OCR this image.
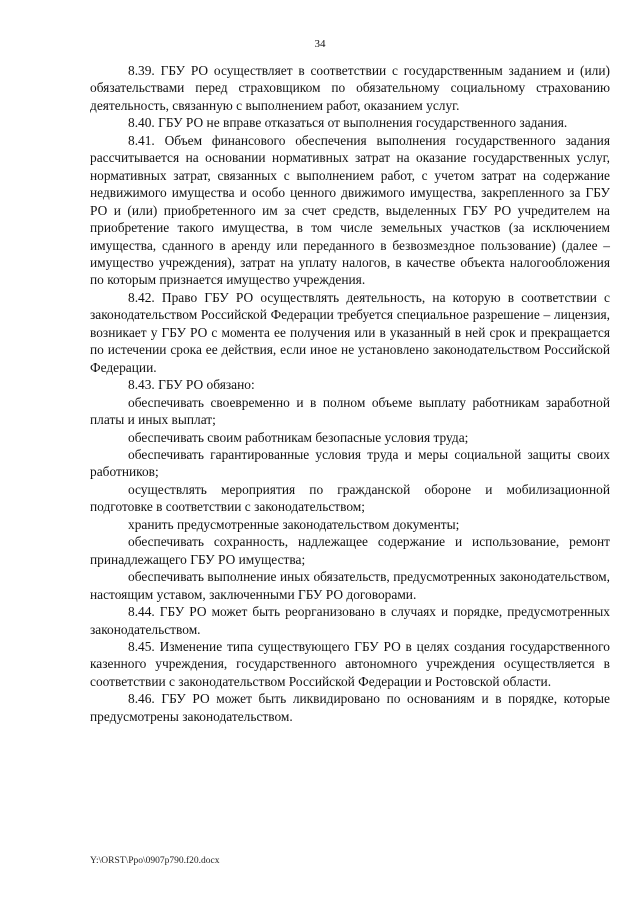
34

8.39. ГБУ РО осуществляет в соответствии с государственным заданием и (или) обязательствами перед страховщиком по обязательному социальному страхованию деятельность, связанную с выполнением работ, оказанием услуг.

8.40. ГБУ РО не вправе отказаться от выполнения государственного задания.

8.41. Объем финансового обеспечения выполнения государственного задания рассчитывается на основании нормативных затрат на оказание государственных услуг, нормативных затрат, связанных с выполнением работ, с учетом затрат на содержание недвижимого имущества и особо ценного движимого имущества, закрепленного за ГБУ РО и (или) приобретенного им за счет средств, выделенных ГБУ РО учредителем на приобретение такого имущества, в том числе земельных участков (за исключением имущества, сданного в аренду или переданного в безвозмездное пользование) (далее – имущество учреждения), затрат на уплату налогов, в качестве объекта налогообложения по которым признается имущество учреждения.

8.42. Право ГБУ РО осуществлять деятельность, на которую в соответствии с законодательством Российской Федерации требуется специальное разрешение – лицензия, возникает у ГБУ РО с момента ее получения или в указанный в ней срок и прекращается по истечении срока ее действия, если иное не установлено законодательством Российской Федерации.

8.43. ГБУ РО обязано:

обеспечивать своевременно и в полном объеме выплату работникам заработной платы и иных выплат;

обеспечивать своим работникам безопасные условия труда;

обеспечивать гарантированные условия труда и меры социальной защиты своих работников;

осуществлять мероприятия по гражданской обороне и мобилизационной подготовке в соответствии с законодательством;

хранить предусмотренные законодательством документы;

обеспечивать сохранность, надлежащее содержание и использование, ремонт принадлежащего ГБУ РО имущества;

обеспечивать выполнение иных обязательств, предусмотренных законодательством, настоящим уставом, заключенными ГБУ РО договорами.

8.44. ГБУ РО может быть реорганизовано в случаях и порядке, предусмотренных законодательством.

8.45. Изменение типа существующего ГБУ РО в целях создания государственного казенного учреждения, государственного автономного учреждения осуществляется в соответствии с законодательством Российской Федерации и Ростовской области.

8.46. ГБУ РО может быть ликвидировано по основаниям и в порядке, которые предусмотрены законодательством.

Y:\ORST\Ppo\0907p790.f20.docx
